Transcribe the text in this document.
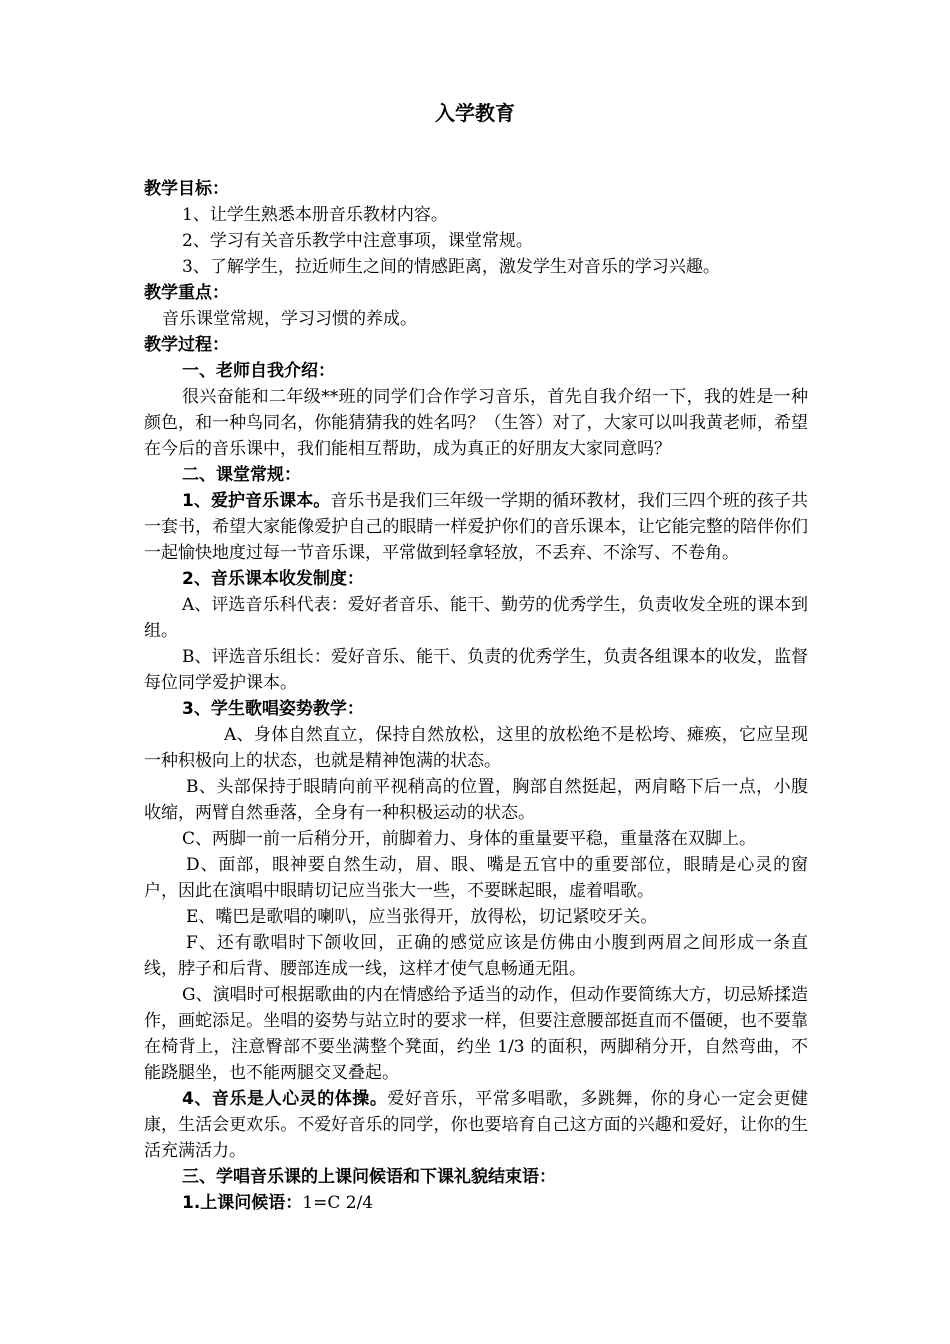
入学教育
教学目标：
1、让学生熟悉本册音乐教材内容。
2、学习有关音乐教学中注意事项，课堂常规。
3、了解学生，拉近师生之间的情感距离，激发学生对音乐的学习兴趣。
教学重点：
音乐课堂常规，学习习惯的养成。
教学过程：
一、老师自我介绍：
很兴奋能和二年级**班的同学们合作学习音乐，首先自我介绍一下，我的姓是一种颜色，和一种鸟同名，你能猜猜我的姓名吗？（生答）对了，大家可以叫我黄老师，希望在今后的音乐课中，我们能相互帮助，成为真正的好朋友大家同意吗？
二、课堂常规：
1、爱护音乐课本。音乐书是我们三年级一学期的循环教材，我们三四个班的孩子共一套书，希望大家能像爱护自己的眼睛一样爱护你们的音乐课本，让它能完整的陪伴你们一起愉快地度过每一节音乐课，平常做到轻拿轻放，不丢弃、不涂写、不卷角。
2、音乐课本收发制度：
A、评选音乐科代表：爱好者音乐、能干、勤劳的优秀学生，负责收发全班的课本到组。
B、评选音乐组长：爱好音乐、能干、负责的优秀学生，负责各组课本的收发，监督每位同学爱护课本。
3、学生歌唱姿势教学：
A、身体自然直立，保持自然放松，这里的放松绝不是松垮、瘫痪，它应呈现一种积极向上的状态，也就是精神饱满的状态。
B、头部保持于眼睛向前平视稍高的位置，胸部自然挺起，两肩略下后一点，小腹收缩，两臂自然垂落，全身有一种积极运动的状态。
C、两脚一前一后稍分开，前脚着力、身体的重量要平稳，重量落在双脚上。
D、面部，眼神要自然生动，眉、眼、嘴是五官中的重要部位，眼睛是心灵的窗户，因此在演唱中眼睛切记应当张大一些，不要眯起眼，虚着唱歌。
E、嘴巴是歌唱的喇叭，应当张得开，放得松，切记紧咬牙关。
F、还有歌唱时下颌收回，正确的感觉应该是仿佛由小腹到两眉之间形成一条直线，脖子和后背、腰部连成一线，这样才使气息畅通无阻。
G、演唱时可根据歌曲的内在情感给予适当的动作，但动作要简练大方，切忌矫揉造作，画蛇添足。坐唱的姿势与站立时的要求一样，但要注意腰部挺直而不僵硬，也不要靠在椅背上，注意臀部不要坐满整个凳面，约坐 1/3 的面积，两脚稍分开，自然弯曲，不能跷腿坐，也不能两腿交叉叠起。
4、音乐是人心灵的体操。爱好音乐，平常多唱歌，多跳舞，你的身心一定会更健康，生活会更欢乐。不爱好音乐的同学，你也要培育自己这方面的兴趣和爱好，让你的生活充满活力。
三、学唱音乐课的上课问候语和下课礼貌结束语：
1.上课问候语：1=C 2/4
